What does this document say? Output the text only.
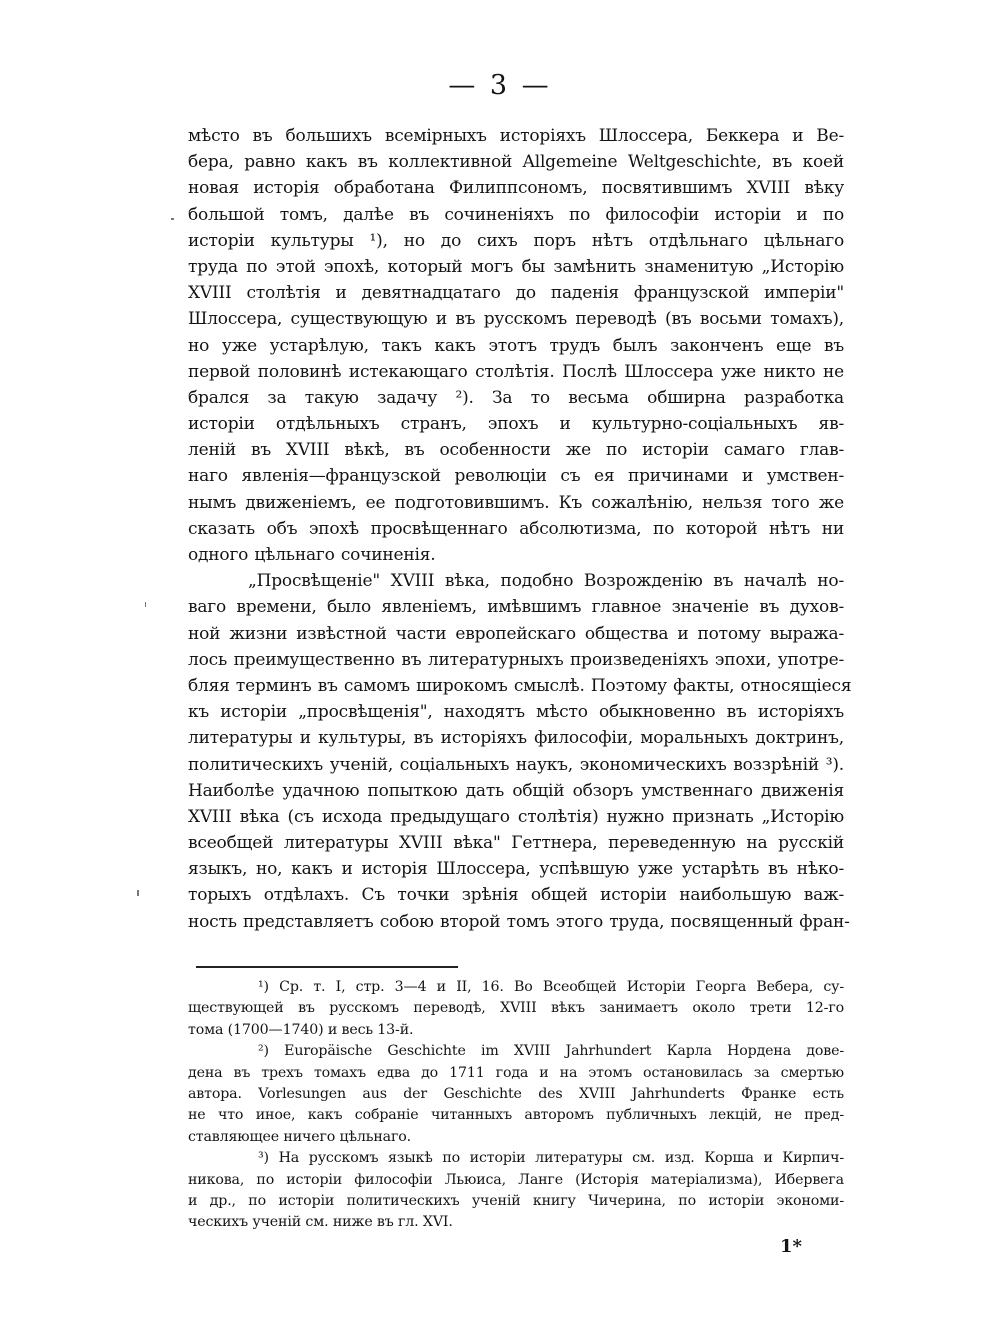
— 3 —
мѣсто въ большихъ всемірныхъ исторіяхъ Шлоссера, Беккера и Ве-
бера, равно какъ въ коллективной Allgemeine Weltgeschichte, въ коей
новая исторія обработана Филиппсономъ, посвятившимъ XVIII вѣку
большой томъ, далѣе въ сочиненіяхъ по философіи исторіи и по
исторіи культуры ¹), но до сихъ поръ нѣтъ отдѣльнаго цѣльнаго
труда по этой эпохѣ, который могъ бы замѣнить знаменитую „Исторію
XVIII столѣтія и девятнадцатаго до паденія французской имперіи"
Шлоссера, существующую и въ русскомъ переводѣ (въ восьми томахъ),
но уже устарѣлую, такъ какъ этотъ трудъ былъ законченъ еще въ
первой половинѣ истекающаго столѣтія. Послѣ Шлоссера уже никто не
брался за такую задачу ²). За то весьма обширна разработка
исторіи отдѣльныхъ странъ, эпохъ и культурно-соціальныхъ яв-
леній въ XVIII вѣкѣ, въ особенности же по исторіи самаго глав-
наго явленія—французской революціи съ ея причинами и умствен-
нымъ движеніемъ, ее подготовившимъ. Къ сожалѣнію, нельзя того же
сказать объ эпохѣ просвѣщеннаго абсолютизма, по которой нѣтъ ни
одного цѣльнаго сочиненія.
„Просвѣщеніе" XVIII вѣка, подобно Возрожденію въ началѣ но-
ваго времени, было явленіемъ, имѣвшимъ главное значеніе въ духов-
ной жизни извѣстной части европейскаго общества и потому выража-
лось преимущественно въ литературныхъ произведеніяхъ эпохи, употре-
бляя терминъ въ самомъ широкомъ смыслѣ. Поэтому факты, относящіеся
къ исторіи „просвѣщенія", находятъ мѣсто обыкновенно въ исторіяхъ
литературы и культуры, въ исторіяхъ философіи, моральныхъ доктринъ,
политическихъ ученій, соціальныхъ наукъ, экономическихъ воззрѣній ³).
Наиболѣе удачною попыткою дать общій обзоръ умственнаго движенія
XVIII вѣка (съ исхода предыдущаго столѣтія) нужно признать „Исторію
всеобщей литературы XVIII вѣка" Геттнера, переведенную на русскій
языкъ, но, какъ и исторія Шлоссера, успѣвшую уже устарѣть въ нѣко-
торыхъ отдѣлахъ. Съ точки зрѣнія общей исторіи наибольшую важ-
ность представляетъ собою второй томъ этого труда, посвященный фран-
¹) Ср. т. I, стр. 3—4 и II, 16. Во Всеобщей Исторіи Георга Вебера, су-
ществующей въ русскомъ переводѣ, XVIII вѣкъ занимаетъ около трети 12-го
тома (1700—1740) и весь 13-й.
²) Europäische Geschichte im XVIII Jahrhundert Карла Нордена дове-
дена въ трехъ томахъ едва до 1711 года и на этомъ остановилась за смертью
автора. Vorlesungen aus der Geschichte des XVIII Jahrhunderts Франке есть
не что иное, какъ собраніе читанныхъ авторомъ публичныхъ лекцій, не пред-
ставляющее ничего цѣльнаго.
³) На русскомъ языкѣ по исторіи литературы см. изд. Корша и Кирпич-
никова, по исторіи философіи Льюиса, Ланге (Исторія матеріализма), Ибервега
и др., по исторіи политическихъ ученій книгу Чичерина, по исторіи экономи-
ческихъ ученій см. ниже въ гл. XVI.
1*
